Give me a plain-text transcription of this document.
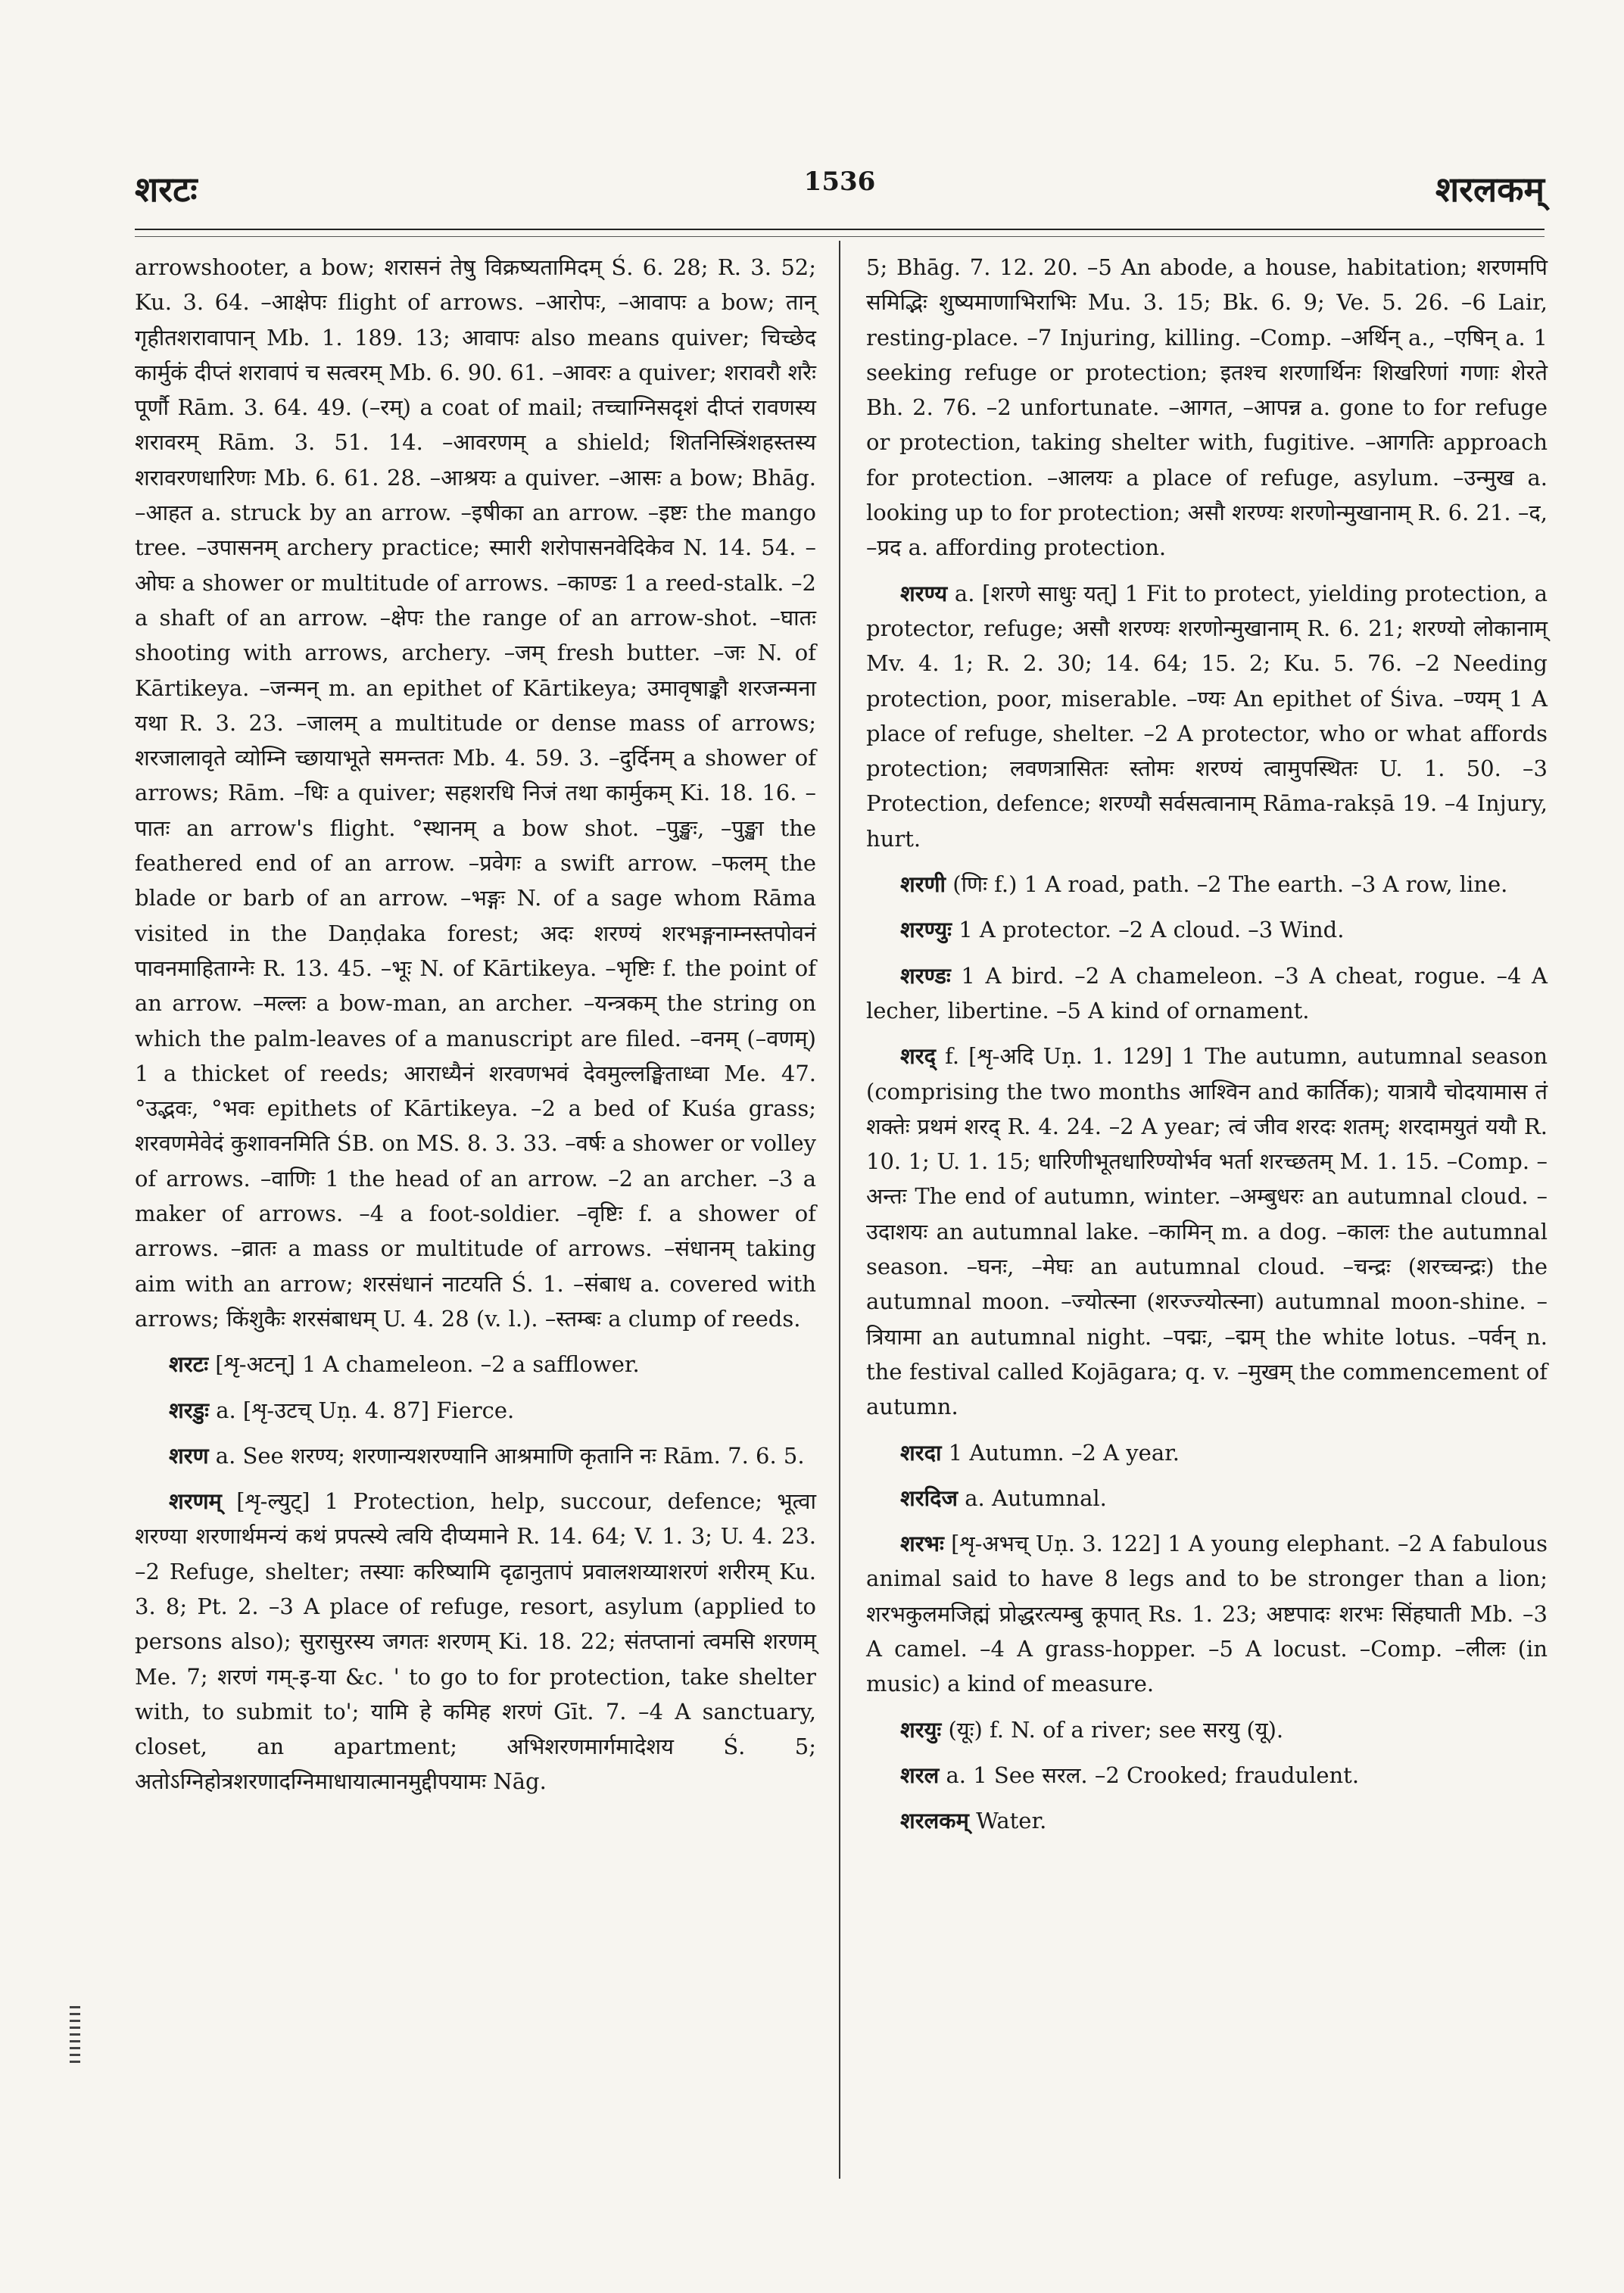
शरटः	1536	शरलकम्

arrowshooter, a bow; शरासनं तेषु विक्रष्यतामिदम् Ś. 6. 28; R. 3. 52; Ku. 3. 64. –आक्षेपः flight of arrows. –आरोपः, –आवापः a bow; तान् गृहीतशरावापान् Mb. 1. 189. 13; आवापः also means quiver; चिच्छेद कार्मुकं दीप्तं शरावापं च सत्वरम् Mb. 6. 90. 61. –आवरः a quiver; शरावरौ शरैः पूर्णौ Rām. 3. 64. 49. (–रम्) a coat of mail; तच्चाग्निसदृशं दीप्तं रावणस्य शरावरम् Rām. 3. 51. 14. –आवरणम् a shield; शितनिस्त्रिंशहस्तस्य शरावरणधारिणः Mb. 6. 61. 28. –आश्रयः a quiver. –आसः a bow; Bhāg. –आहत a. struck by an arrow. –इषीका an arrow. –इष्टः the mango tree. –उपासनम् archery practice; स्मारी शरोपासनवेदिकेव N. 14. 54. –ओघः a shower or multitude of arrows. –काण्डः 1 a reed-stalk. –2 a shaft of an arrow. –क्षेपः the range of an arrow-shot. –घातः shooting with arrows, archery. –जम् fresh butter. –जः N. of Kārtikeya. –जन्मन् m. an epithet of Kārtikeya; उमावृषाङ्कौ शरजन्मना यथा R. 3. 23. –जालम् a multitude or dense mass of arrows; शरजालावृते व्योम्नि च्छायाभूते समन्ततः Mb. 4. 59. 3. –दुर्दिनम् a shower of arrows; Rām. –धिः a quiver; सहशरधि निजं तथा कार्मुकम् Ki. 18. 16. –पातः an arrow's flight. °स्थानम् a bow shot. –पुङ्खः, –पुङ्खा the feathered end of an arrow. –प्रवेगः a swift arrow. –फलम् the blade or barb of an arrow. –भङ्गः N. of a sage whom Rāma visited in the Daṇḍaka forest; अदः शरण्यं शरभङ्गनाम्नस्तपोवनं पावनमाहिताग्नेः R. 13. 45. –भूः N. of Kārtikeya. –भृष्टिः f. the point of an arrow. –मल्लः a bow-man, an archer. –यन्त्रकम् the string on which the palm-leaves of a manuscript are filed. –वनम् (–वणम्) 1 a thicket of reeds; आराध्यैनं शरवणभवं देवमुल्लङ्घिताध्वा Me. 47. °उद्भवः, °भवः epithets of Kārtikeya. –2 a bed of Kuśa grass; शरवणमेवेदं कुशावनमिति ŚB. on MS. 8. 3. 33. –वर्षः a shower or volley of arrows. –वाणिः 1 the head of an arrow. –2 an archer. –3 a maker of arrows. –4 a foot-soldier. –वृष्टिः f. a shower of arrows. –व्रातः a mass or multitude of arrows. –संधानम् taking aim with an arrow; शरसंधानं नाटयति Ś. 1. –संबाध a. covered with arrows; किंशुकैः शरसंबाधम् U. 4. 28 (v. l.). –स्तम्बः a clump of reeds.

शरटः [शृ-अटन्] 1 A chameleon. –2 a safflower.

शरडुः a. [शृ-उटच् Uṇ. 4. 87] Fierce.

शरण a. See शरण्य; शरणान्यशरण्यानि आश्रमाणि कृतानि नः Rām. 7. 6. 5.

शरणम् [शृ-ल्युट्] 1 Protection, help, succour, defence; भूत्वा शरण्या शरणार्थमन्यं कथं प्रपत्स्ये त्वयि दीप्यमाने R. 14. 64; V. 1. 3; U. 4. 23. –2 Refuge, shelter; तस्याः करिष्यामि दृढानुतापं प्रवालशय्याशरणं शरीरम् Ku. 3. 8; Pt. 2. –3 A place of refuge, resort, asylum (applied to persons also); सुरासुरस्य जगतः शरणम् Ki. 18. 22; संतप्तानां त्वमसि शरणम् Me. 7; शरणं गम्-इ-या &c. ' to go to for protection, take shelter with, to submit to'; यामि हे कमिह शरणं Gīt. 7. –4 A sanctuary, closet, an apartment; अभिशरणमार्गमादेशय Ś. 5; अतोऽग्निहोत्रशरणादग्निमाधायात्मानमुद्दीपयामः Nāg.

5; Bhāg. 7. 12. 20. –5 An abode, a house, habitation; शरणमपि समिद्भिः शुष्यमाणाभिराभिः Mu. 3. 15; Bk. 6. 9; Ve. 5. 26. –6 Lair, resting-place. –7 Injuring, killing. –Comp. –अर्थिन् a., –एषिन् a. 1 seeking refuge or protection; इतश्च शरणार्थिनः शिखरिणां गणाः शेरते Bh. 2. 76. –2 unfortunate. –आगत, –आपन्न a. gone to for refuge or protection, taking shelter with, fugitive. –आगतिः approach for protection. –आलयः a place of refuge, asylum. –उन्मुख a. looking up to for protection; असौ शरण्यः शरणोन्मुखानाम् R. 6. 21. –द, –प्रद a. affording protection.

शरण्य a. [शरणे साधुः यत्] 1 Fit to protect, yielding protection, a protector, refuge; असौ शरण्यः शरणोन्मुखानाम् R. 6. 21; शरण्यो लोकानाम् Mv. 4. 1; R. 2. 30; 14. 64; 15. 2; Ku. 5. 76. –2 Needing protection, poor, miserable. –ण्यः An epithet of Śiva. –ण्यम् 1 A place of refuge, shelter. –2 A protector, who or what affords protection; लवणत्रासितः स्तोमः शरण्यं त्वामुपस्थितः U. 1. 50. –3 Protection, defence; शरण्यौ सर्वसत्वानाम् Rāma-rakṣā 19. –4 Injury, hurt.

शरणी (णिः f.) 1 A road, path. –2 The earth. –3 A row, line.

शरण्युः 1 A protector. –2 A cloud. –3 Wind.

शरण्डः 1 A bird. –2 A chameleon. –3 A cheat, rogue. –4 A lecher, libertine. –5 A kind of ornament.

शरद् f. [शृ-अदि Uṇ. 1. 129] 1 The autumn, autumnal season (comprising the two months आश्विन and कार्तिक); यात्रायै चोदयामास तं शक्तेः प्रथमं शरद् R. 4. 24. –2 A year; त्वं जीव शरदः शतम्; शरदामयुतं ययौ R. 10. 1; U. 1. 15; धारिणीभूतधारिण्योर्भव भर्ता शरच्छतम् M. 1. 15. –Comp. –अन्तः The end of autumn, winter. –अम्बुधरः an autumnal cloud. –उदाशयः an autumnal lake. –कामिन् m. a dog. –कालः the autumnal season. –घनः, –मेघः an autumnal cloud. –चन्द्रः (शरच्चन्द्रः) the autumnal moon. –ज्योत्स्ना (शरज्ज्योत्स्ना) autumnal moon-shine. –त्रियामा an autumnal night. –पद्मः, –द्मम् the white lotus. –पर्वन् n. the festival called Kojāgara; q. v. –मुखम् the commencement of autumn.

शरदा 1 Autumn. –2 A year.

शरदिज a. Autumnal.

शरभः [शृ-अभच् Uṇ. 3. 122] 1 A young elephant. –2 A fabulous animal said to have 8 legs and to be stronger than a lion; शरभकुलमजिह्मं प्रोद्धरत्यम्बु कूपात् Rs. 1. 23; अष्टपादः शरभः सिंहघाती Mb. –3 A camel. –4 A grass-hopper. –5 A locust. –Comp. –लीलः (in music) a kind of measure.

शरयुः (यूः) f. N. of a river; see सरयु (यू).

शरल a. 1 See सरल. –2 Crooked; fraudulent.

शरलकम् Water.
